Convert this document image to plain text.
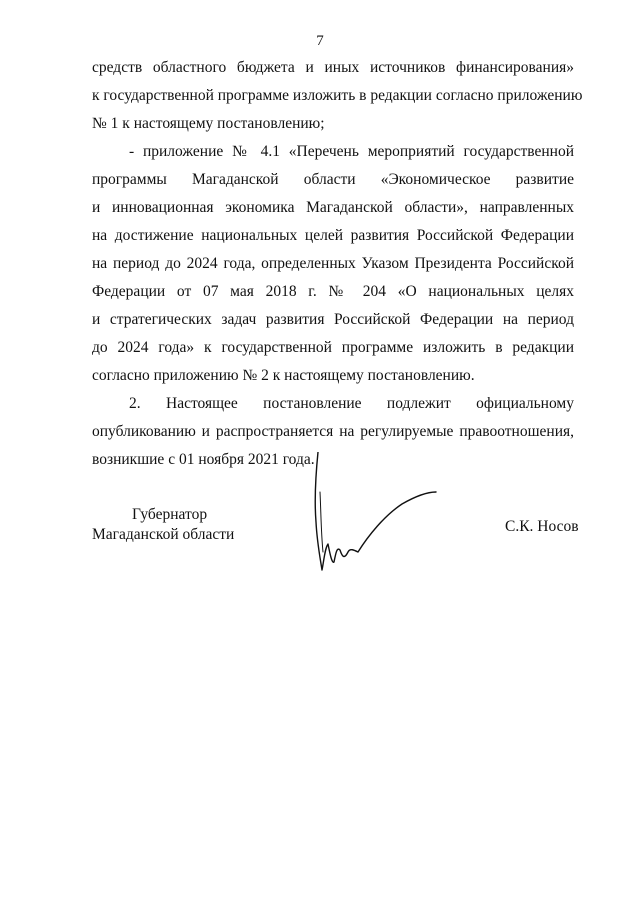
7
средств областного бюджета и иных источников финансирования»
к государственной программе изложить в редакции согласно приложению
№ 1 к настоящему постановлению;
- приложение № 4.1 «Перечень мероприятий государственной
программы Магаданской области «Экономическое развитие
и инновационная экономика Магаданской области», направленных
на достижение национальных целей развития Российской Федерации
на период до 2024 года, определенных Указом Президента Российской
Федерации от 07 мая 2018 г. № 204 «О национальных целях
и стратегических задач развития Российской Федерации на период
до 2024 года» к государственной программе изложить в редакции
согласно приложению № 2 к настоящему постановлению.
2. Настоящее постановление подлежит официальному
опубликованию и распространяется на регулируемые правоотношения,
возникшие с 01 ноября 2021 года.
Губернатор
Магаданской области	С.К. Носов
